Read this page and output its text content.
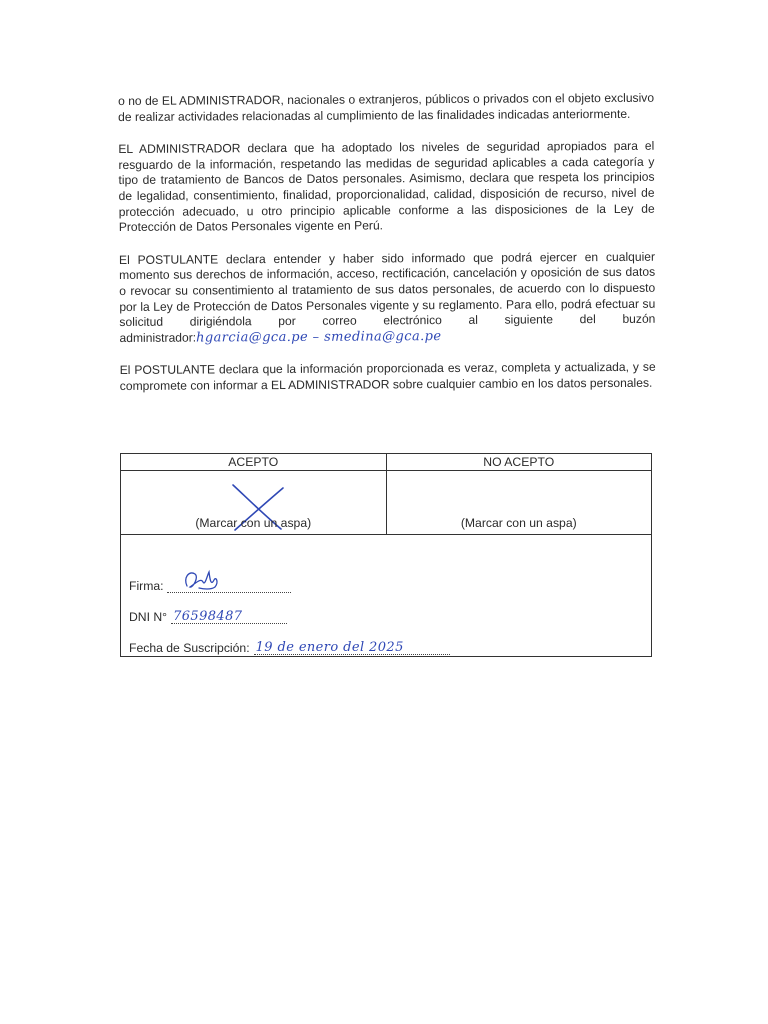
o no de EL ADMINISTRADOR, nacionales o extranjeros, públicos o privados con el objeto exclusivo de realizar actividades relacionadas al cumplimiento de las finalidades indicadas anteriormente.

EL ADMINISTRADOR declara que ha adoptado los niveles de seguridad apropiados para el resguardo de la información, respetando las medidas de seguridad aplicables a cada categoría y tipo de tratamiento de Bancos de Datos personales. Asimismo, declara que respeta los principios de legalidad, consentimiento, finalidad, proporcionalidad, calidad, disposición de recurso, nivel de protección adecuado, u otro principio aplicable conforme a las disposiciones de la Ley de Protección de Datos Personales vigente en Perú.

El POSTULANTE declara entender y haber sido informado que podrá ejercer en cualquier momento sus derechos de información, acceso, rectificación, cancelación y oposición de sus datos o revocar su consentimiento al tratamiento de sus datos personales, de acuerdo con lo dispuesto por la Ley de Protección de Datos Personales vigente y su reglamento. Para ello, podrá efectuar su solicitud dirigiéndola por correo electrónico al siguiente del buzón administrador:hgarcia@gca.pe – smedina@gca.pe

El POSTULANTE declara que la información proporcionada es veraz, completa y actualizada, y se compromete con informar a EL ADMINISTRADOR sobre cualquier cambio en los datos personales.

ACEPTO
(Marcar con un aspa)
NO ACEPTO
(Marcar con un aspa)
Firma:
DNI N° 76598487
Fecha de Suscripción: 19 de enero del 2025
